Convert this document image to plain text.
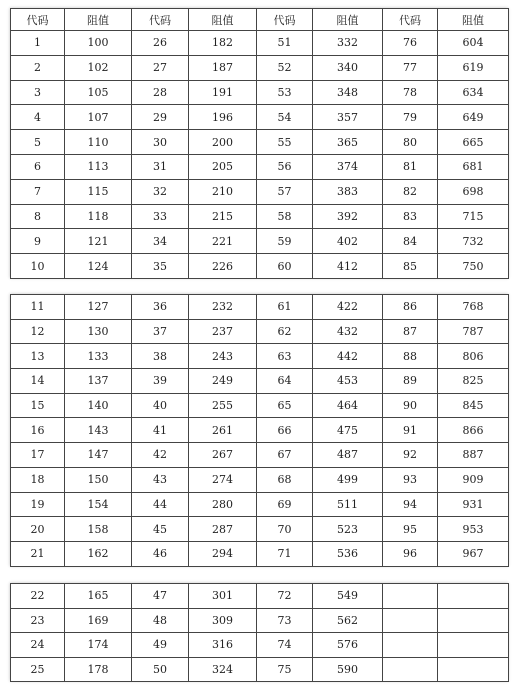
代码	阻值	代码	阻值	代码	阻值	代码	阻值
1	100	26	182	51	332	76	604
2	102	27	187	52	340	77	619
3	105	28	191	53	348	78	634
4	107	29	196	54	357	79	649
5	110	30	200	55	365	80	665
6	113	31	205	56	374	81	681
7	115	32	210	57	383	82	698
8	118	33	215	58	392	83	715
9	121	34	221	59	402	84	732
10	124	35	226	60	412	85	750
11	127	36	232	61	422	86	768
12	130	37	237	62	432	87	787
13	133	38	243	63	442	88	806
14	137	39	249	64	453	89	825
15	140	40	255	65	464	90	845
16	143	41	261	66	475	91	866
17	147	42	267	67	487	92	887
18	150	43	274	68	499	93	909
19	154	44	280	69	511	94	931
20	158	45	287	70	523	95	953
21	162	46	294	71	536	96	967
22	165	47	301	72	549		
23	169	48	309	73	562		
24	174	49	316	74	576		
25	178	50	324	75	590		
